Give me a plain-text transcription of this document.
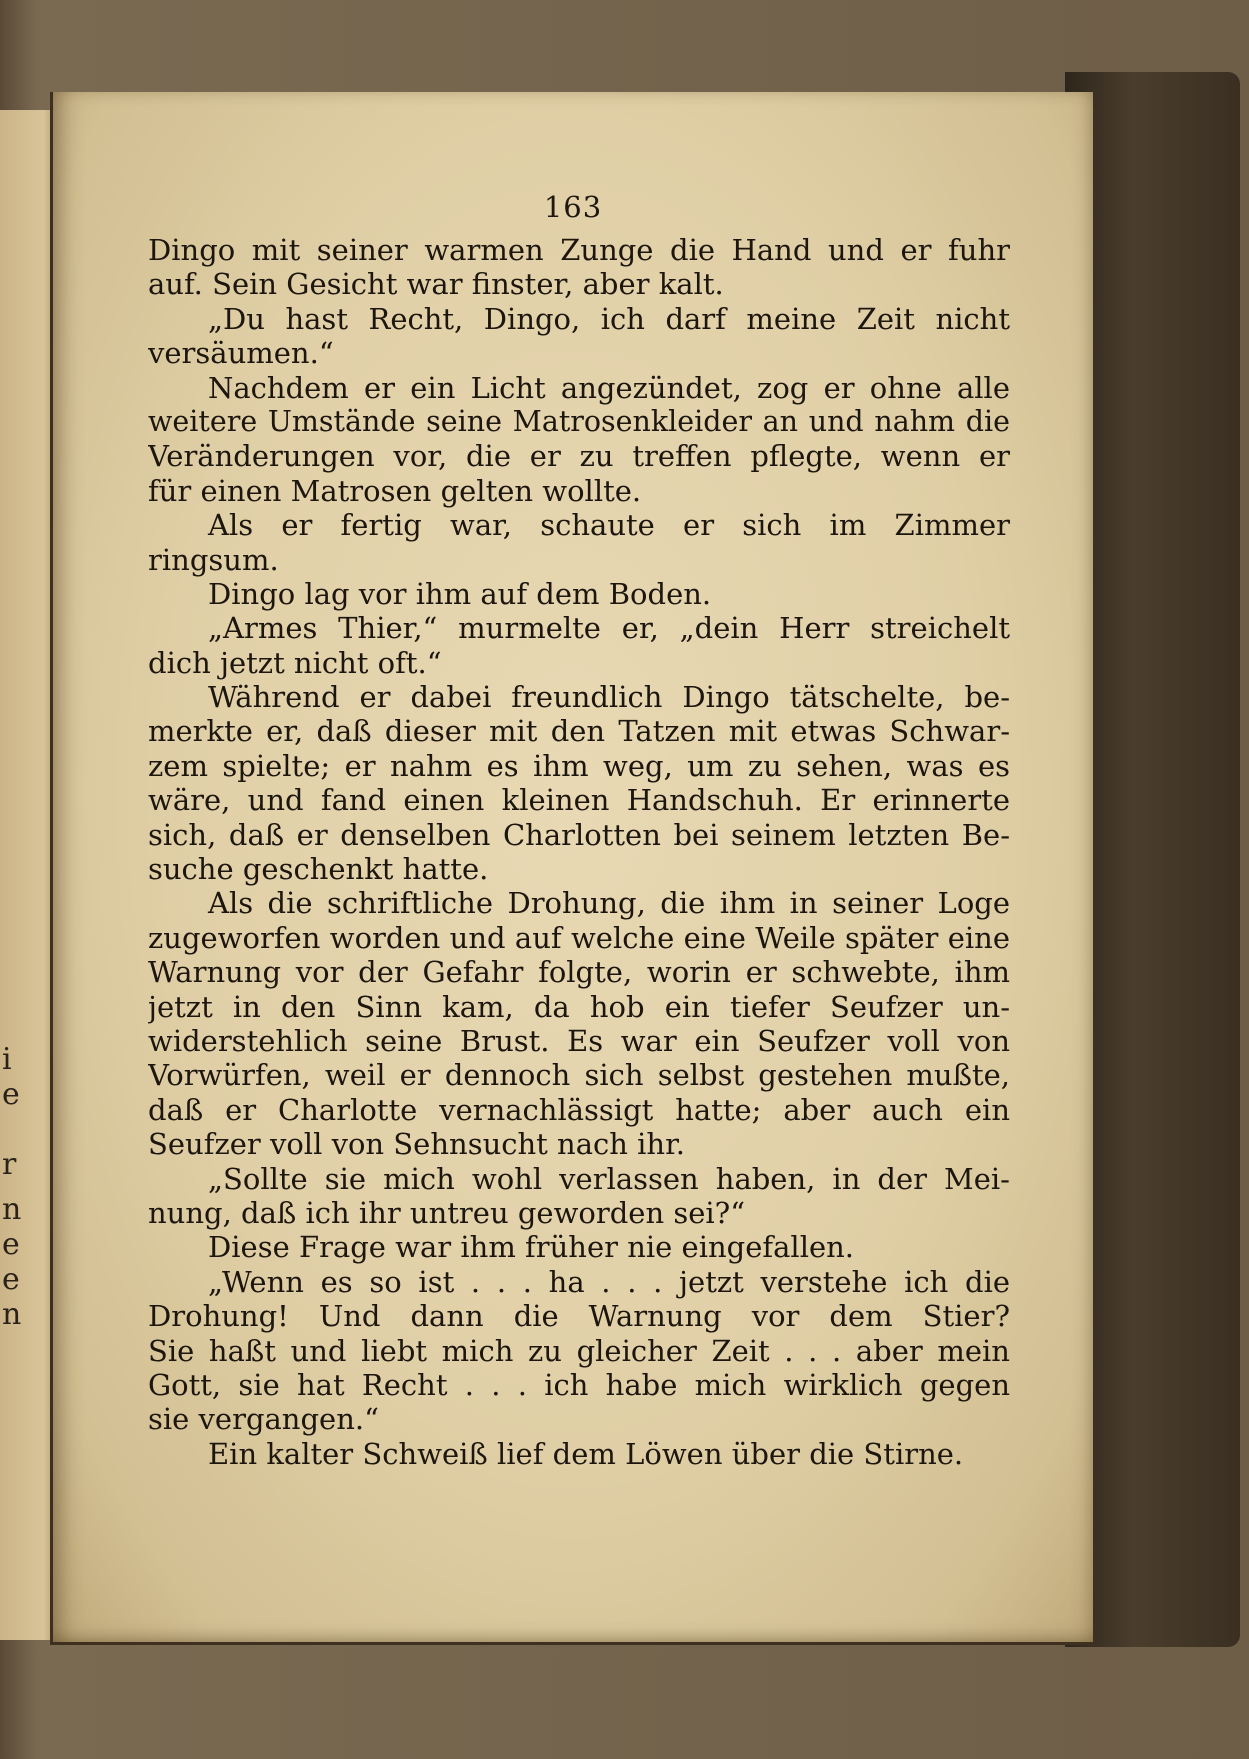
i
e
r
n
e
e
n
163
Dingo mit seiner warmen Zunge die Hand und er fuhr
auf. Sein Gesicht war finster, aber kalt.
„Du hast Recht, Dingo, ich darf meine Zeit nicht
versäumen.“
Nachdem er ein Licht angezündet, zog er ohne alle
weitere Umstände seine Matrosenkleider an und nahm die
Veränderungen vor, die er zu treffen pflegte, wenn er
für einen Matrosen gelten wollte.
Als er fertig war, schaute er sich im Zimmer
ringsum.
Dingo lag vor ihm auf dem Boden.
„Armes Thier,“ murmelte er, „dein Herr streichelt
dich jetzt nicht oft.“
Während er dabei freundlich Dingo tätschelte, be-
merkte er, daß dieser mit den Tatzen mit etwas Schwar-
zem spielte; er nahm es ihm weg, um zu sehen, was es
wäre, und fand einen kleinen Handschuh. Er erinnerte
sich, daß er denselben Charlotten bei seinem letzten Be-
suche geschenkt hatte.
Als die schriftliche Drohung, die ihm in seiner Loge
zugeworfen worden und auf welche eine Weile später eine
Warnung vor der Gefahr folgte, worin er schwebte, ihm
jetzt in den Sinn kam, da hob ein tiefer Seufzer un-
widerstehlich seine Brust. Es war ein Seufzer voll von
Vorwürfen, weil er dennoch sich selbst gestehen mußte,
daß er Charlotte vernachlässigt hatte; aber auch ein
Seufzer voll von Sehnsucht nach ihr.
„Sollte sie mich wohl verlassen haben, in der Mei-
nung, daß ich ihr untreu geworden sei?“
Diese Frage war ihm früher nie eingefallen.
„Wenn es so ist . . . ha . . . jetzt verstehe ich die
Drohung! Und dann die Warnung vor dem Stier?
Sie haßt und liebt mich zu gleicher Zeit . . . aber mein
Gott, sie hat Recht . . . ich habe mich wirklich gegen
sie vergangen.“
Ein kalter Schweiß lief dem Löwen über die Stirne.
